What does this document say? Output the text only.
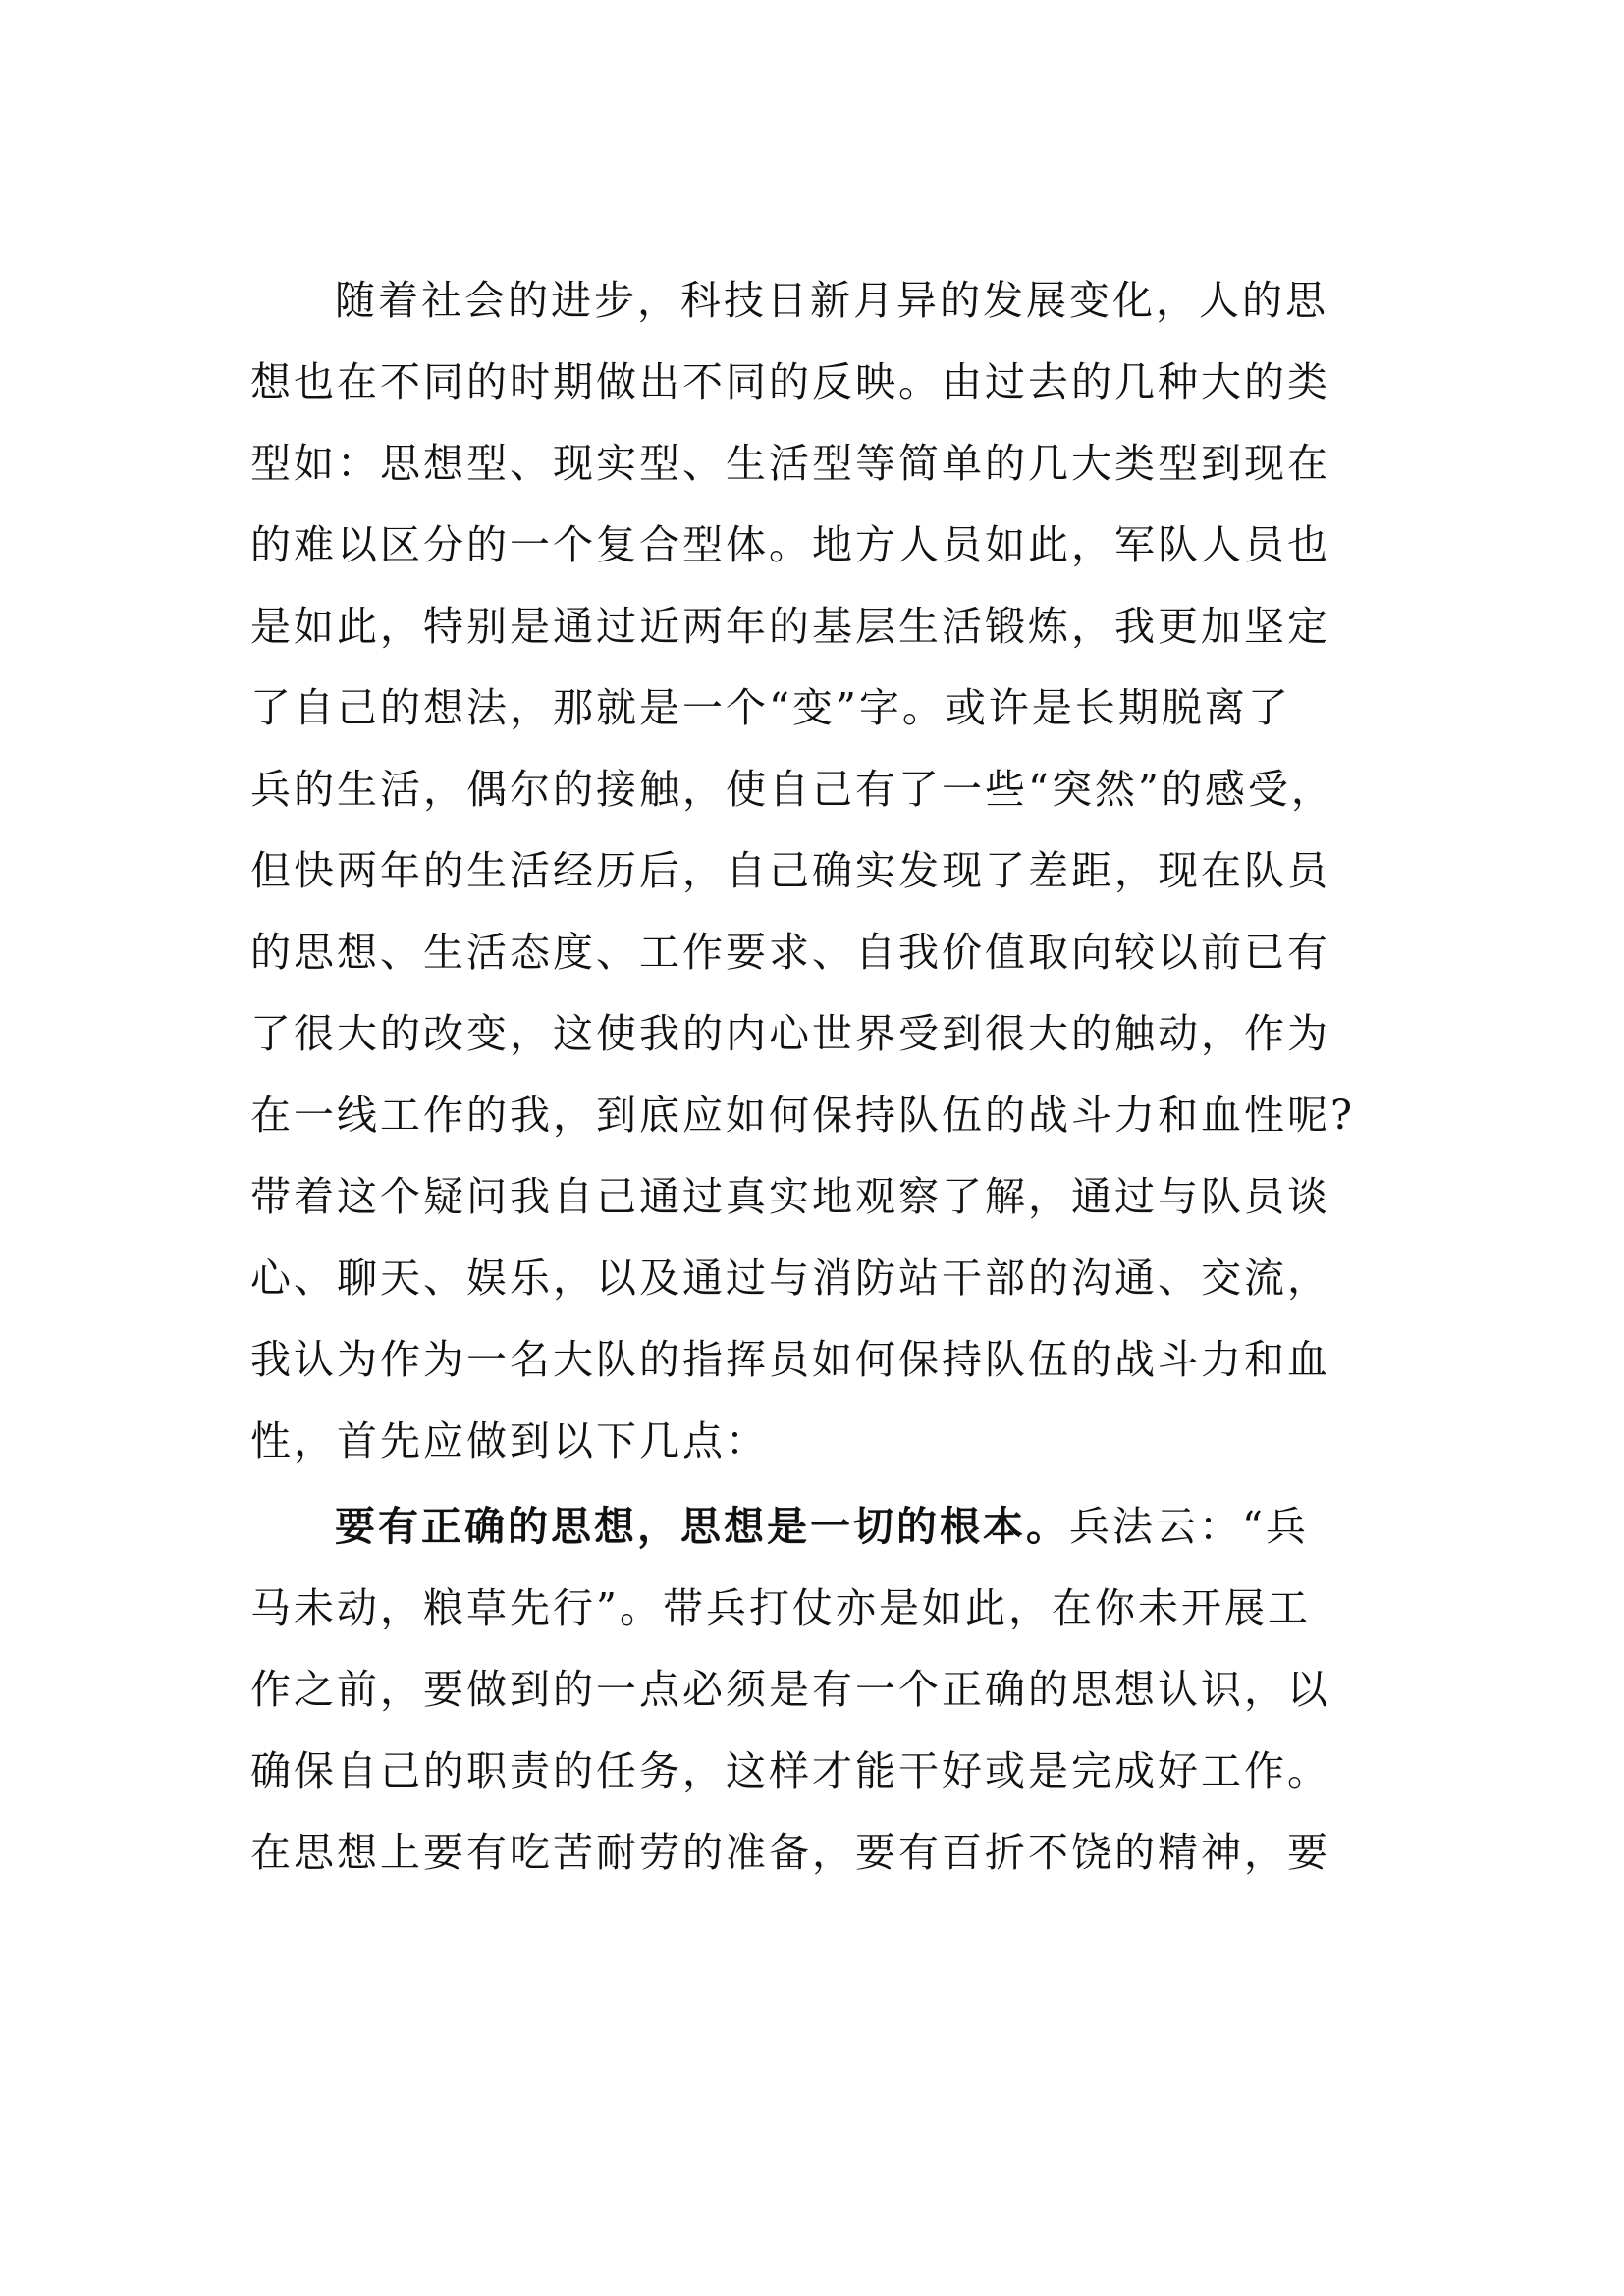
随着社会的进步，科技日新月异的发展变化，人的思
想也在不同的时期做出不同的反映。由过去的几种大的类
型如：思想型、现实型、生活型等简单的几大类型到现在
的难以区分的一个复合型体。地方人员如此，军队人员也
是如此，特别是通过近两年的基层生活锻炼，我更加坚定
了自己的想法，那就是一个“变”字。或许是长期脱离了
兵的生活，偶尔的接触，使自己有了一些“突然”的感受，
但快两年的生活经历后，自己确实发现了差距，现在队员
的思想、生活态度、工作要求、自我价值取向较以前已有
了很大的改变，这使我的内心世界受到很大的触动，作为
在一线工作的我，到底应如何保持队伍的战斗力和血性呢?
带着这个疑问我自己通过真实地观察了解，通过与队员谈
心、聊天、娱乐，以及通过与消防站干部的沟通、交流，
我认为作为一名大队的指挥员如何保持队伍的战斗力和血
性，首先应做到以下几点：
要有正确的思想，思想是一切的根本。兵法云：“兵
马未动，粮草先行”。带兵打仗亦是如此，在你未开展工
作之前，要做到的一点必须是有一个正确的思想认识，以
确保自己的职责的任务，这样才能干好或是完成好工作。
在思想上要有吃苦耐劳的准备，要有百折不饶的精神，要
